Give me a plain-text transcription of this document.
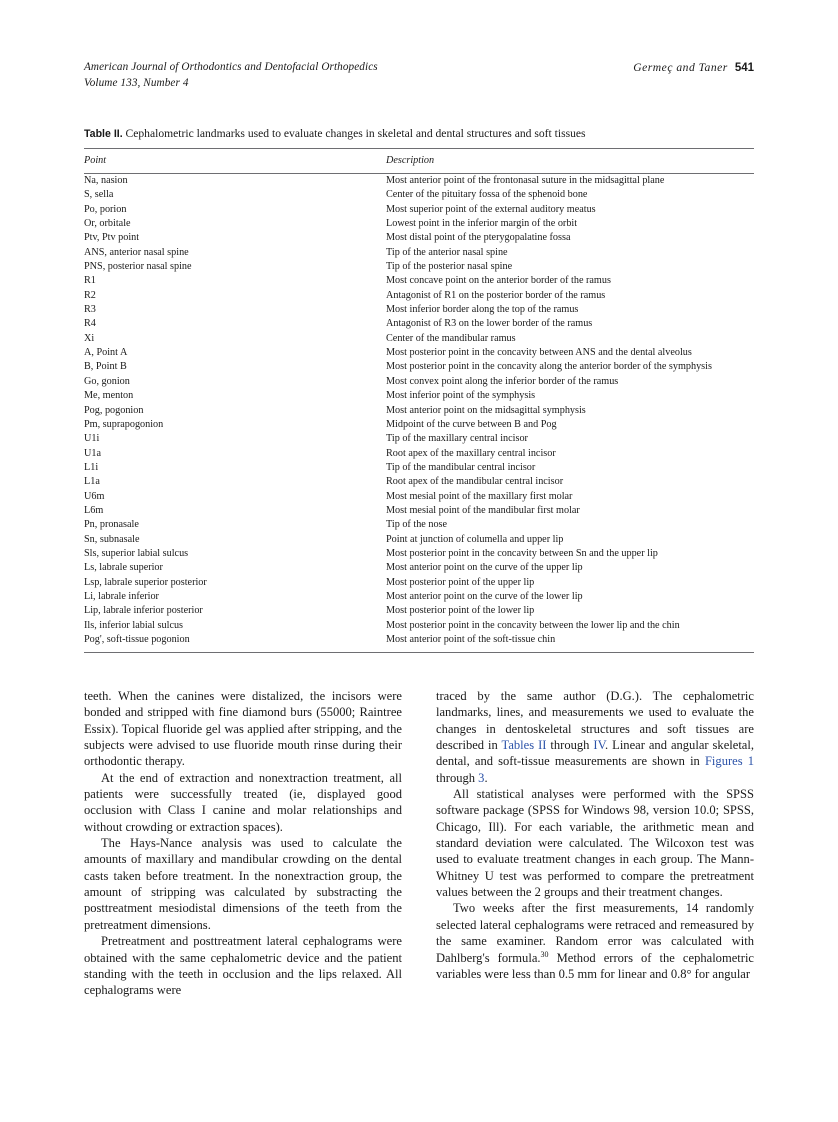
American Journal of Orthodontics and Dentofacial Orthopedics
Volume 133, Number 4
Germeç and Taner 541
Table II. Cephalometric landmarks used to evaluate changes in skeletal and dental structures and soft tissues
Point	Description

Na, nasion	Most anterior point of the frontonasal suture in the midsagittal plane
S, sella	Center of the pituitary fossa of the sphenoid bone
Po, porion	Most superior point of the external auditory meatus
Or, orbitale	Lowest point in the inferior margin of the orbit
Ptv, Ptv point	Most distal point of the pterygopalatine fossa
ANS, anterior nasal spine	Tip of the anterior nasal spine
PNS, posterior nasal spine	Tip of the posterior nasal spine
R1	Most concave point on the anterior border of the ramus
R2	Antagonist of R1 on the posterior border of the ramus
R3	Most inferior border along the top of the ramus
R4	Antagonist of R3 on the lower border of the ramus
Xi	Center of the mandibular ramus
A, Point A	Most posterior point in the concavity between ANS and the dental alveolus
B, Point B	Most posterior point in the concavity along the anterior border of the symphysis
Go, gonion	Most convex point along the inferior border of the ramus
Me, menton	Most inferior point of the symphysis
Pog, pogonion	Most anterior point on the midsagittal symphysis
Pm, suprapogonion	Midpoint of the curve between B and Pog
U1i	Tip of the maxillary central incisor
U1a	Root apex of the maxillary central incisor
L1i	Tip of the mandibular central incisor
L1a	Root apex of the mandibular central incisor
U6m	Most mesial point of the maxillary first molar
L6m	Most mesial point of the mandibular first molar
Pn, pronasale	Tip of the nose
Sn, subnasale	Point at junction of columella and upper lip
Sls, superior labial sulcus	Most posterior point in the concavity between Sn and the upper lip
Ls, labrale superior	Most anterior point on the curve of the upper lip
Lsp, labrale superior posterior	Most posterior point of the upper lip
Li, labrale inferior	Most anterior point on the curve of the lower lip
Lip, labrale inferior posterior	Most posterior point of the lower lip
Ils, inferior labial sulcus	Most posterior point in the concavity between the lower lip and the chin
Pog', soft-tissue pogonion	Most anterior point of the soft-tissue chin

teeth. When the canines were distalized, the incisors were bonded and stripped with fine diamond burs (55000; Raintree Essix). Topical fluoride gel was applied after stripping, and the subjects were advised to use fluoride mouth rinse during their orthodontic therapy.

At the end of extraction and nonextraction treatment, all patients were successfully treated (ie, displayed good occlusion with Class I canine and molar relationships and without crowding or extraction spaces).

The Hays-Nance analysis was used to calculate the amounts of maxillary and mandibular crowding on the dental casts taken before treatment. In the nonextraction group, the amount of stripping was calculated by substracting the posttreatment mesiodistal dimensions of the teeth from the pretreatment dimensions.

Pretreatment and posttreatment lateral cephalograms were obtained with the same cephalometric device and the patient standing with the teeth in occlusion and the lips relaxed. All cephalograms were

traced by the same author (D.G.). The cephalometric landmarks, lines, and measurements we used to evaluate the changes in dentoskeletal structures and soft tissues are described in Tables II through IV. Linear and angular skeletal, dental, and soft-tissue measurements are shown in Figures 1 through 3.

All statistical analyses were performed with the SPSS software package (SPSS for Windows 98, version 10.0; SPSS, Chicago, Ill). For each variable, the arithmetic mean and standard deviation were calculated. The Wilcoxon test was used to evaluate treatment changes in each group. The Mann-Whitney U test was performed to compare the pretreatment values between the 2 groups and their treatment changes.

Two weeks after the first measurements, 14 randomly selected lateral cephalograms were retraced and remeasured by the same examiner. Random error was calculated with Dahlberg's formula.$^{30}$ Method errors of the cephalometric variables were less than 0.5 mm for linear and 0.8° for angular
